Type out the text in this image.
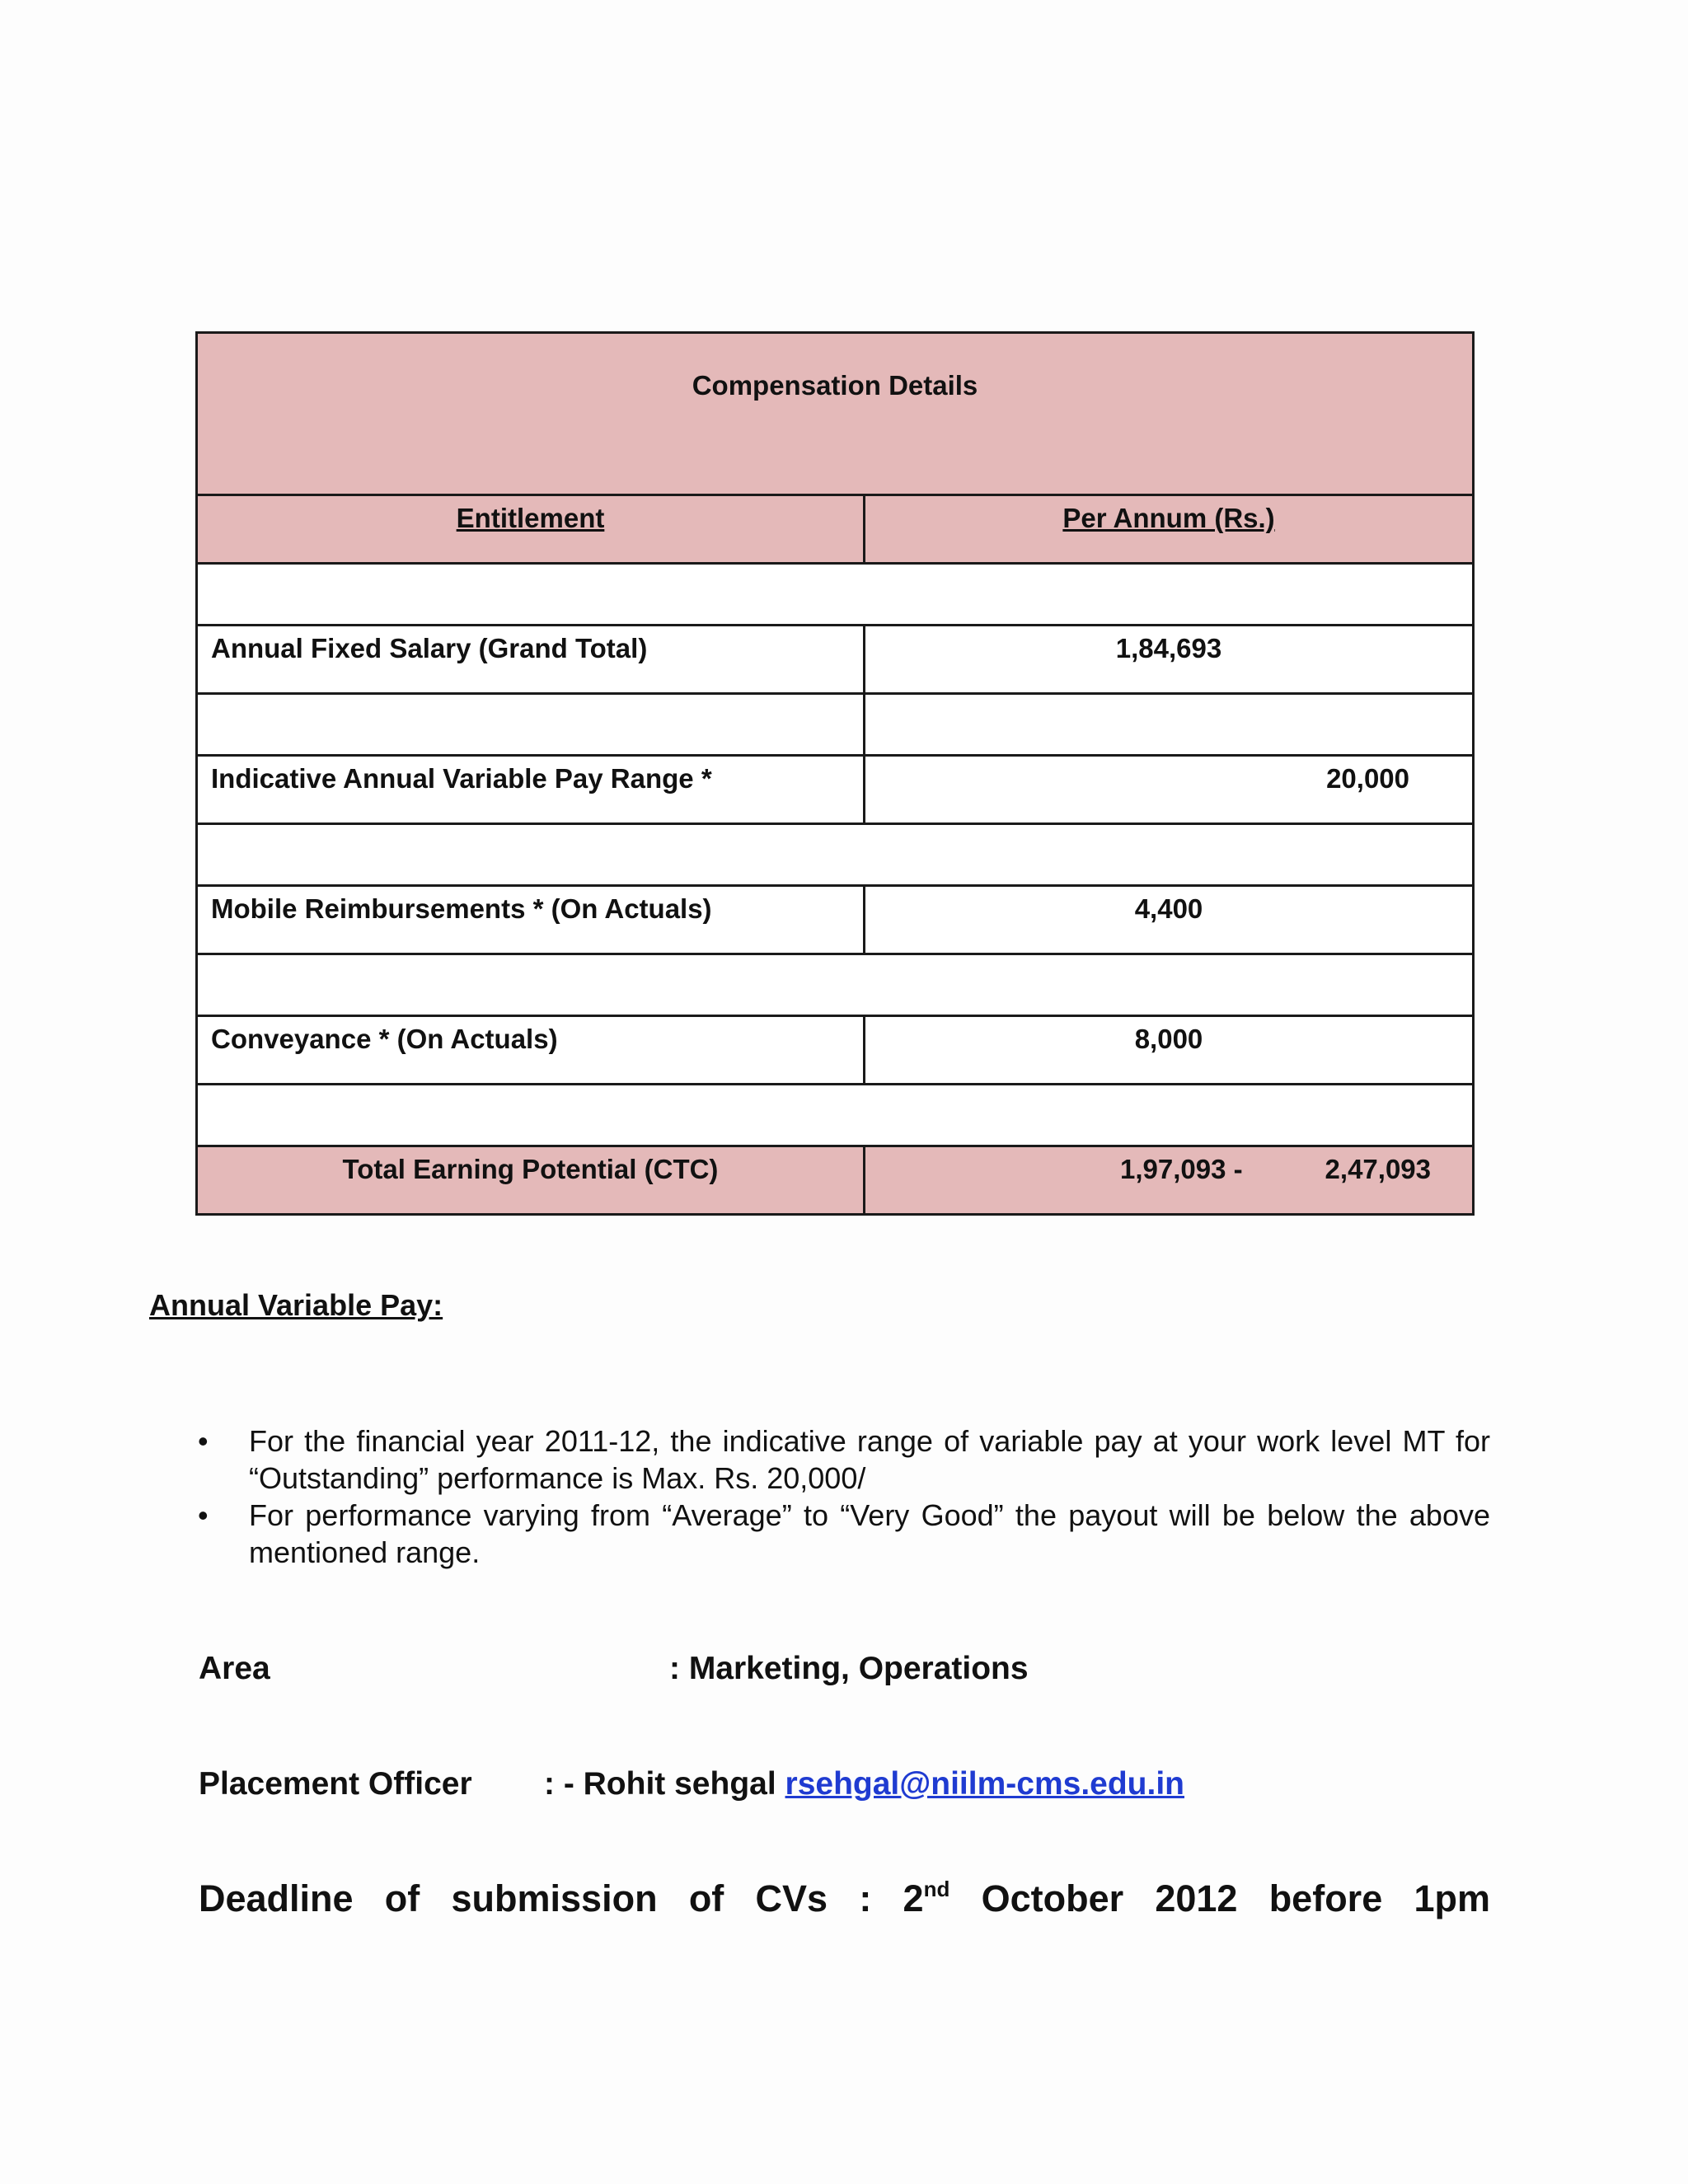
Compensation Details	
Entitlement	Per Annum (Rs.)

Annual Fixed Salary (Grand Total)	1,84,693

Indicative Annual Variable Pay Range *	20,000

Mobile Reimbursements * (On Actuals)	4,400

Conveyance * (On Actuals)	8,000

Total Earning Potential (CTC)	1,97,093 - 2,47,093
Annual Variable Pay:
• For the financial year 2011-12, the indicative range of variable pay at your work level MT for “Outstanding” performance is Max. Rs. 20,000/
• For performance varying from “Average” to “Very Good” the payout will be below the above mentioned range.
Area	: Marketing, Operations
Placement Officer : - Rohit sehgal rsehgal@niilm-cms.edu.in
Deadline of submission of CVs : 2nd October 2012 before 1pm
